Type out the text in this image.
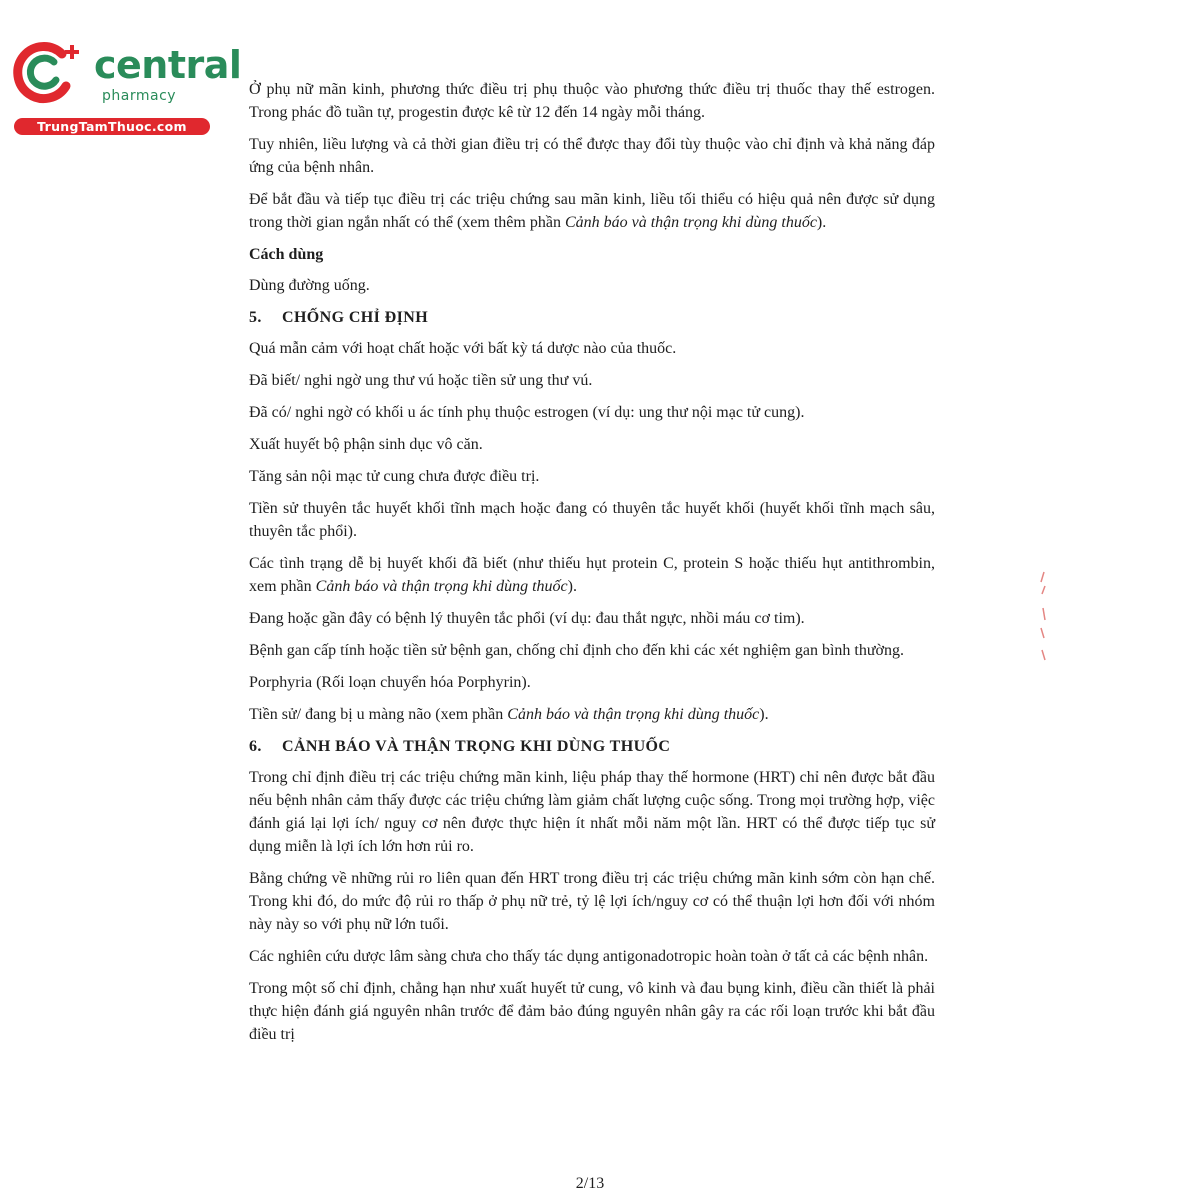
central
pharmacy
TrungTamThuoc.com

Ở phụ nữ mãn kinh, phương thức điều trị phụ thuộc vào phương thức điều trị thuốc thay thế estrogen. Trong phác đồ tuần tự, progestin được kê từ 12 đến 14 ngày mỗi tháng.

Tuy nhiên, liều lượng và cả thời gian điều trị có thể được thay đổi tùy thuộc vào chỉ định và khả năng đáp ứng của bệnh nhân.

Để bắt đầu và tiếp tục điều trị các triệu chứng sau mãn kinh, liều tối thiểu có hiệu quả nên được sử dụng trong thời gian ngắn nhất có thể (xem thêm phần Cảnh báo và thận trọng khi dùng thuốc).

Cách dùng

Dùng đường uống.

5. CHỐNG CHỈ ĐỊNH

Quá mẫn cảm với hoạt chất hoặc với bất kỳ tá dược nào của thuốc.

Đã biết/ nghi ngờ ung thư vú hoặc tiền sử ung thư vú.

Đã có/ nghi ngờ có khối u ác tính phụ thuộc estrogen (ví dụ: ung thư nội mạc tử cung).

Xuất huyết bộ phận sinh dục vô căn.

Tăng sản nội mạc tử cung chưa được điều trị.

Tiền sử thuyên tắc huyết khối tĩnh mạch hoặc đang có thuyên tắc huyết khối (huyết khối tĩnh mạch sâu, thuyên tắc phổi).

Các tình trạng dễ bị huyết khối đã biết (như thiếu hụt protein C, protein S hoặc thiếu hụt antithrombin, xem phần Cảnh báo và thận trọng khi dùng thuốc).

Đang hoặc gần đây có bệnh lý thuyên tắc phổi (ví dụ: đau thắt ngực, nhồi máu cơ tim).

Bệnh gan cấp tính hoặc tiền sử bệnh gan, chống chỉ định cho đến khi các xét nghiệm gan bình thường.

Porphyria (Rối loạn chuyển hóa Porphyrin).

Tiền sử/ đang bị u màng não (xem phần Cảnh báo và thận trọng khi dùng thuốc).

6. CẢNH BÁO VÀ THẬN TRỌNG KHI DÙNG THUỐC

Trong chỉ định điều trị các triệu chứng mãn kinh, liệu pháp thay thế hormone (HRT) chỉ nên được bắt đầu nếu bệnh nhân cảm thấy được các triệu chứng làm giảm chất lượng cuộc sống. Trong mọi trường hợp, việc đánh giá lại lợi ích/ nguy cơ nên được thực hiện ít nhất mỗi năm một lần. HRT có thể được tiếp tục sử dụng miễn là lợi ích lớn hơn rủi ro.

Bằng chứng về những rủi ro liên quan đến HRT trong điều trị các triệu chứng mãn kinh sớm còn hạn chế. Trong khi đó, do mức độ rủi ro thấp ở phụ nữ trẻ, tỷ lệ lợi ích/nguy cơ có thể thuận lợi hơn đối với nhóm này này so với phụ nữ lớn tuổi.

Các nghiên cứu dược lâm sàng chưa cho thấy tác dụng antigonadotropic hoàn toàn ở tất cả các bệnh nhân.

Trong một số chỉ định, chẳng hạn như xuất huyết tử cung, vô kinh và đau bụng kinh, điều cần thiết là phải thực hiện đánh giá nguyên nhân trước để đảm bảo đúng nguyên nhân gây ra các rối loạn trước khi bắt đầu điều trị

2/13
